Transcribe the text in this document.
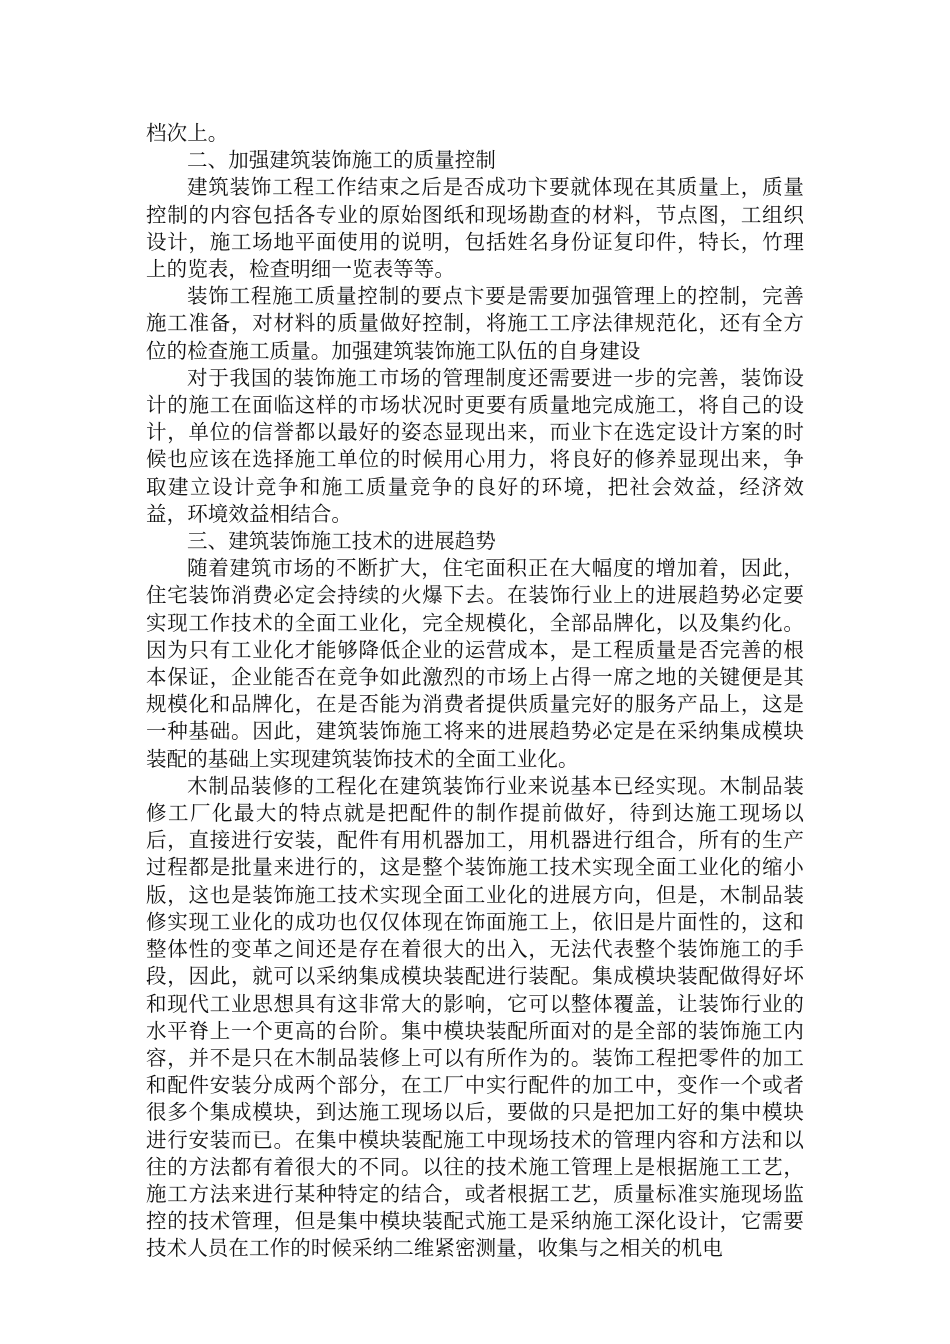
档次上。

二、加强建筑装饰施工的质量控制

建筑装饰工程工作结束之后是否成功卞要就体现在其质量上，质量控制的内容包括各专业的原始图纸和现场勘查的材料，节点图，工组织设计，施工场地平面使用的说明，包括姓名身份证复印件，特长，竹理上的览表，检查明细一览表等等。

装饰工程施工质量控制的要点卞要是需要加强管理上的控制，完善施工准备，对材料的质量做好控制，将施工工序法律规范化，还有全方位的检查施工质量。加强建筑装饰施工队伍的自身建设

对于我国的装饰施工市场的管理制度还需要进一步的完善，装饰设计的施工在面临这样的市场状况时更要有质量地完成施工，将自己的设计，单位的信誉都以最好的姿态显现出来，而业卞在选定设计方案的时候也应该在选择施工单位的时候用心用力，将良好的修养显现出来，争取建立设计竞争和施工质量竞争的良好的环境，把社会效益，经济效益，环境效益相结合。

三、建筑装饰施工技术的进展趋势

随着建筑市场的不断扩大，住宅面积正在大幅度的增加着，因此，住宅装饰消费必定会持续的火爆下去。在装饰行业上的进展趋势必定要实现工作技术的全面工业化，完全规模化，全部品牌化，以及集约化。因为只有工业化才能够降低企业的运营成本，是工程质量是否完善的根本保证，企业能否在竞争如此激烈的市场上占得一席之地的关键便是其规模化和品牌化，在是否能为消费者提供质量完好的服务产品上，这是一种基础。因此，建筑装饰施工将来的进展趋势必定是在采纳集成模块装配的基础上实现建筑装饰技术的全面工业化。

木制品装修的工程化在建筑装饰行业来说基本已经实现。木制品装修工厂化最大的特点就是把配件的制作提前做好，待到达施工现场以后，直接进行安装，配件有用机器加工，用机器进行组合，所有的生产过程都是批量来进行的，这是整个装饰施工技术实现全面工业化的缩小版，这也是装饰施工技术实现全面工业化的进展方向，但是，木制品装修实现工业化的成功也仅仅体现在饰面施工上，依旧是片面性的，这和整体性的变革之间还是存在着很大的出入，无法代表整个装饰施工的手段，因此，就可以采纳集成模块装配进行装配。集成模块装配做得好坏和现代工业思想具有这非常大的影响，它可以整体覆盖，让装饰行业的水平脊上一个更高的台阶。集中模块装配所面对的是全部的装饰施工内容，并不是只在木制品装修上可以有所作为的。装饰工程把零件的加工和配件安装分成两个部分，在工厂中实行配件的加工中，变作一个或者很多个集成模块，到达施工现场以后，要做的只是把加工好的集中模块进行安装而已。在集中模块装配施工中现场技术的管理内容和方法和以往的方法都有着很大的不同。以往的技术施工管理上是根据施工工艺，施工方法来进行某种特定的结合，或者根据工艺，质量标准实施现场监控的技术管理，但是集中模块装配式施工是采纳施工深化设计，它需要技术人员在工作的时候采纳二维紧密测量，收集与之相关的机电
